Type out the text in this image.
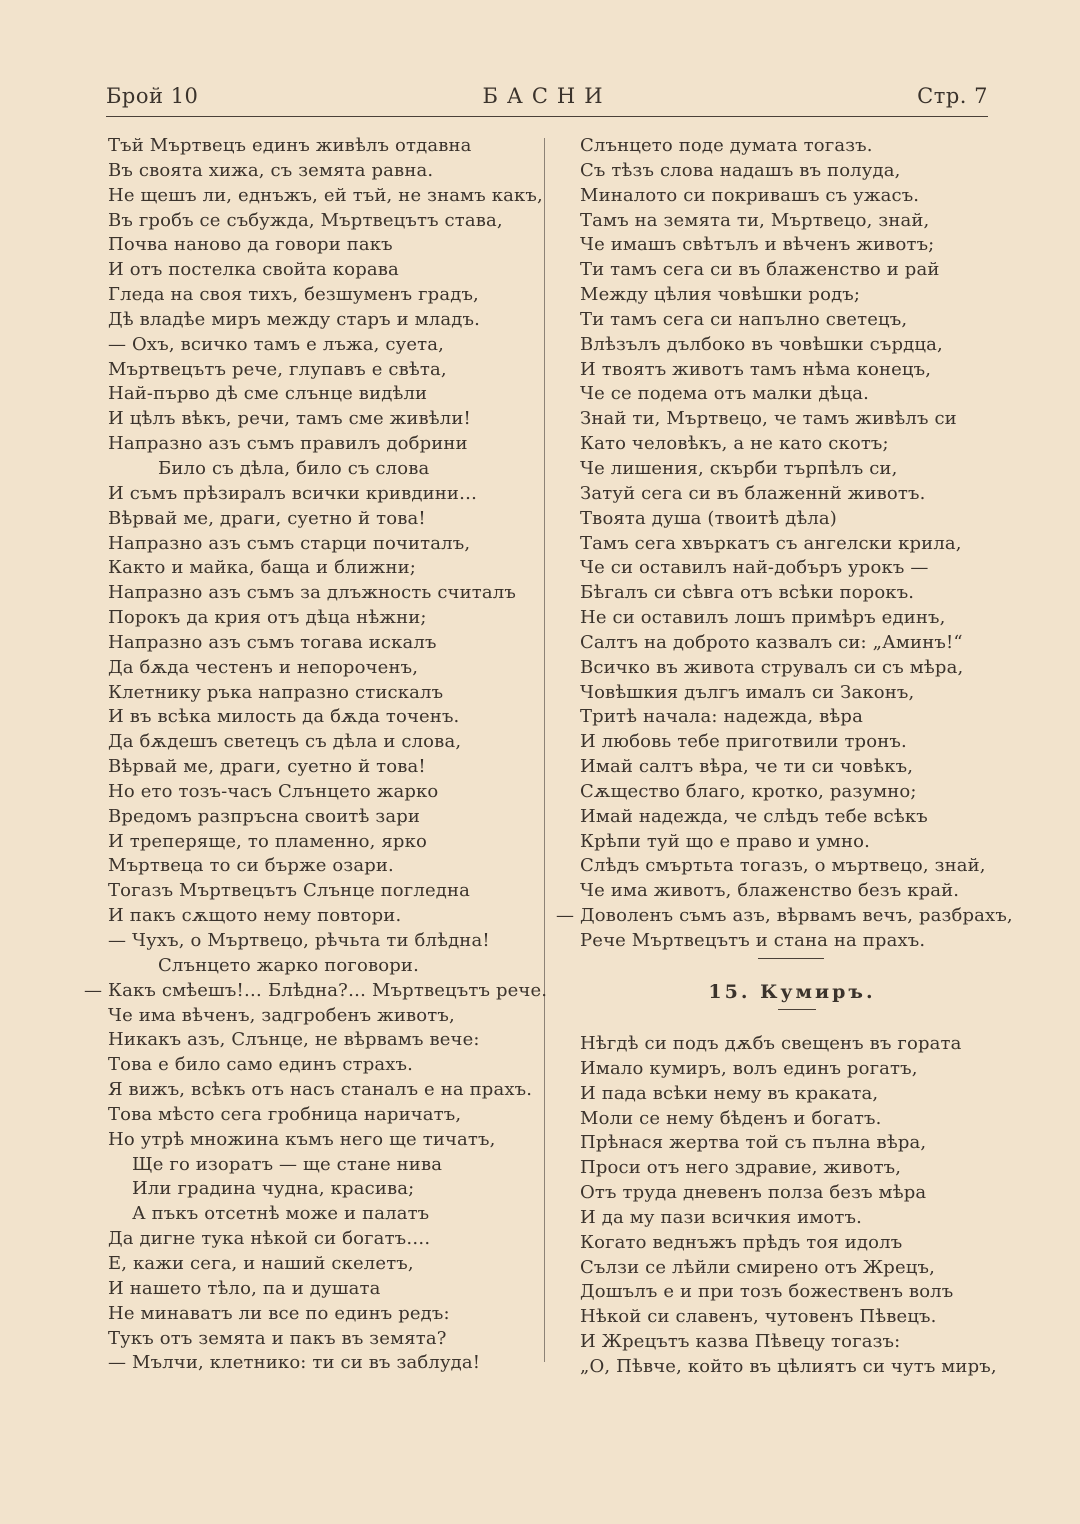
Брой 10	БАСНИ	Стр. 7
Тъй Мъртвецъ единъ живѣлъ отдавна
Въ своята хижа, съ земята равна.
Не щешъ ли, еднъжъ, ей тъй, не знамъ какъ,
Въ гробъ се събужда, Мъртвецътъ става,
Почва наново да говори пакъ
И отъ постелка свойта корава
Гледа на своя тихъ, безшуменъ градъ,
Дѣ владѣе миръ между старъ и младъ.
— Охъ, всичко тамъ е лъжа, суета,
Мъртвецътъ рече, глупавъ е свѣта,
Най-първо дѣ сме слънце видѣли
И цѣлъ вѣкъ, речи, тамъ сме живѣли!
Напразно азъ съмъ правилъ добрини
Било съ дѣла, било съ слова
И съмъ прѣзиралъ всички кривдини…
Вѣрвай ме, драги, суетно й това!
Напразно азъ съмъ старци почиталъ,
Както и майка, баща и ближни;
Напразно азъ съмъ за длъжность считалъ
Порокъ да крия отъ дѣца нѣжни;
Напразно азъ съмъ тогава искалъ
Да бѫда честенъ и непороченъ,
Клетнику ръка напразно стискалъ
И въ всѣка милость да бѫда точенъ.
Да бѫдешъ светецъ съ дѣла и слова,
Вѣрвай ме, драги, суетно й това!
Но ето тозъ-часъ Слънцето жарко
Вредомъ разпръсна своитѣ зари
И треперяще, то пламенно, ярко
Мъртвеца то си бърже озари.
Тогазъ Мъртвецътъ Слънце погледна
И пакъ сѫщото нему повтори.
— Чухъ, о Мъртвецо, рѣчьта ти блѣдна!
Слънцето жарко поговори.
— Какъ смѣешъ!… Блѣдна?… Мъртвецътъ рече.
Че има вѣченъ, задгробенъ животъ,
Никакъ азъ, Слънце, не вѣрвамъ вече:
Това е било само единъ страхъ.
Я вижъ, всѣкъ отъ насъ станалъ е на прахъ.
Това мѣсто сега гробница наричатъ,
Но утрѣ множина къмъ него ще тичатъ,
Ще го изоратъ — ще стане нива
Или градина чудна, красива;
А пъкъ отсетнѣ може и палатъ
Да дигне тука нѣкой си богатъ….
Е, кажи сега, и наший скелетъ,
И нашето тѣло, па и душата
Не минаватъ ли все по единъ редъ:
Тукъ отъ земята и пакъ въ земята?
— Мълчи, клетнико: ти си въ заблуда!
Слънцето поде думата тогазъ.
Съ тѣзъ слова надашъ въ полуда,
Миналото си покривашъ съ ужасъ.
Тамъ на земята ти, Мъртвецо, знай,
Че имашъ свѣтълъ и вѣченъ животъ;
Ти тамъ сега си въ блаженство и рай
Между цѣлия човѣшки родъ;
Ти тамъ сега си напълно светецъ,
Влѣзълъ дълбоко въ човѣшки сърдца,
И твоятъ животъ тамъ нѣма конецъ,
Че се подема отъ малки дѣца.
Знай ти, Мъртвецо, че тамъ живѣлъ си
Като человѣкъ, а не като скотъ;
Че лишения, скърби търпѣлъ си,
Затуй сега си въ блаженнй животъ.
Твоята душа (твоитѣ дѣла)
Тамъ сега хвъркатъ съ ангелски крила,
Че си оставилъ най-добъръ урокъ —
Бѣгалъ си сѣвга отъ всѣки порокъ.
Не си оставилъ лошъ примѣръ единъ,
Салтъ на доброто казвалъ си: „Аминъ!“
Всичко въ живота струвалъ си съ мѣра,
Човѣшкия дългъ ималъ си Законъ,
Тритѣ начала: надежда, вѣра
И любовь тебе приготвили тронъ.
Имай салтъ вѣра, че ти си човѣкъ,
Сѫщество благо, кротко, разумно;
Имай надежда, че слѣдъ тебе всѣкъ
Крѣпи туй що е право и умно.
Слѣдъ смъртьта тогазъ, о мъртвецо, знай,
Че има животъ, блаженство безъ край.
— Доволенъ съмъ азъ, вѣрвамъ вечъ, разбрахъ,
Рече Мъртвецътъ и стана на прахъ.
15. Кумиръ.
Нѣгдѣ си подъ дѫбъ свещенъ въ гората
Имало кумиръ, волъ единъ рогатъ,
И пада всѣки нему въ краката,
Моли се нему бѣденъ и богатъ.
Прѣнася жертва той съ пълна вѣра,
Проси отъ него здравие, животъ,
Отъ труда дневенъ полза безъ мѣра
И да му пази всичкия имотъ.
Когато веднъжъ прѣдъ тоя идолъ
Сълзи се лѣйли смирено отъ Жрецъ,
Дошълъ е и при тозъ божественъ волъ
Нѣкой си славенъ, чутовенъ Пѣвецъ.
И Жрецътъ казва Пѣвецу тогазъ:
„О, Пѣвче, който въ цѣлиятъ си чутъ миръ,
